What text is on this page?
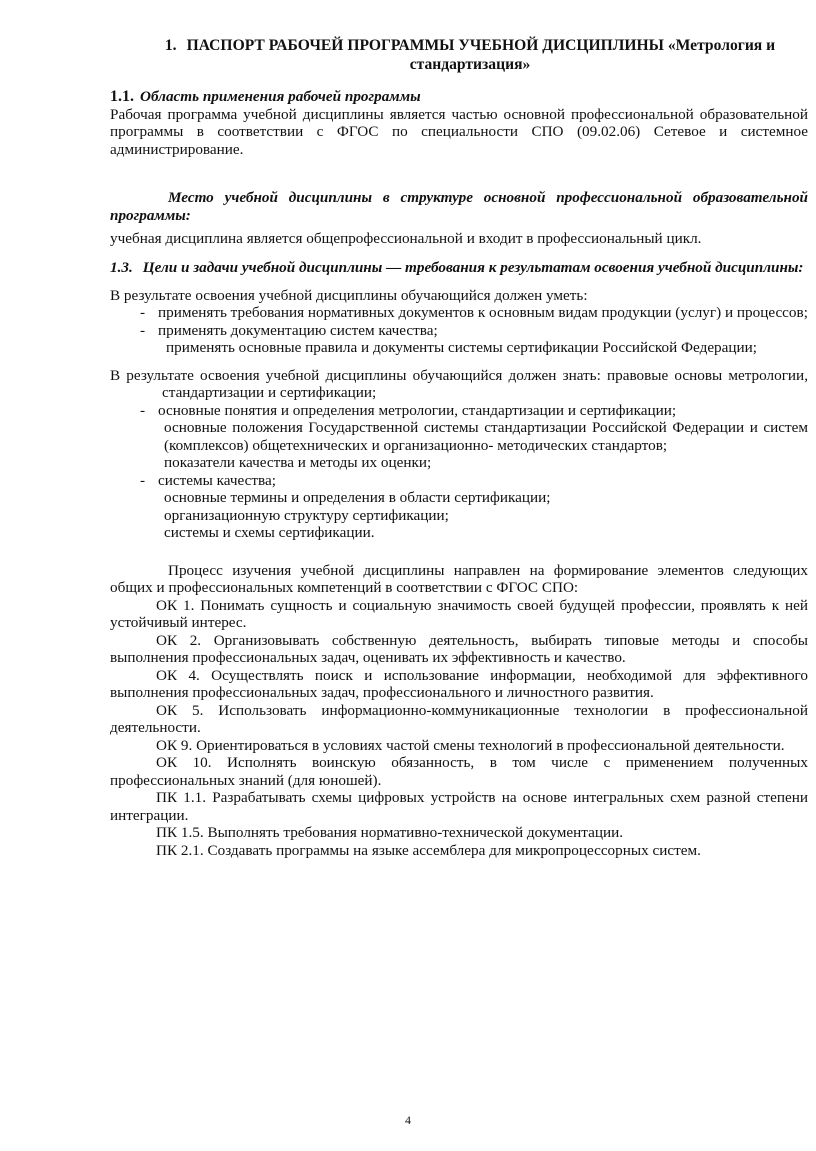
1. ПАСПОРТ РАБОЧЕЙ ПРОГРАММЫ УЧЕБНОЙ ДИСЦИПЛИНЫ «Метрология и
стандартизация»

1.1. Область применения рабочей программы

Рабочая программа учебной дисциплины является частью основной профессиональной образовательной программы в соответствии с ФГОС по специальности СПО (09.02.06) Сетевое и системное администрирование.

Место учебной дисциплины в структуре основной профессиональной образовательной программы:

учебная дисциплина является общепрофессиональной и входит в профессиональный цикл.

1.3. Цели и задачи учебной дисциплины — требования к результатам освоения учебной дисциплины:

В результате освоения учебной дисциплины обучающийся должен уметь:

- применять требования нормативных документов к основным видам продукции (услуг) и процессов;
- применять документацию систем качества;
применять основные правила и документы системы сертификации Российской Федерации;

В результате освоения учебной дисциплины обучающийся должен знать: правовые основы метрологии, стандартизации и сертификации;

- основные понятия и определения метрологии, стандартизации и сертификации;
основные положения Государственной системы стандартизации Российской Федерации и систем (комплексов) общетехнических и организационно- методических стандартов;
показатели качества и методы их оценки;
- системы качества;
основные термины и определения в области сертификации;
организационную структуру сертификации;
системы и схемы сертификации.

Процесс изучения учебной дисциплины направлен на формирование элементов следующих общих и профессиональных компетенций в соответствии с ФГОС СПО:

ОК 1. Понимать сущность и социальную значимость своей будущей профессии, проявлять к ней устойчивый интерес.

ОК 2. Организовывать собственную деятельность, выбирать типовые методы и способы выполнения профессиональных задач, оценивать их эффективность и качество.

ОК 4. Осуществлять поиск и использование информации, необходимой для эффективного выполнения профессиональных задач, профессионального и личностного развития.

ОК 5. Использовать информационно-коммуникационные технологии в профессиональной деятельности.

ОК 9. Ориентироваться в условиях частой смены технологий в профессиональной деятельности.

ОК 10. Исполнять воинскую обязанность, в том числе с применением полученных профессиональных знаний (для юношей).

ПК 1.1. Разрабатывать схемы цифровых устройств на основе интегральных схем разной степени интеграции.

ПК 1.5. Выполнять требования нормативно-технической документации.

ПК 2.1. Создавать программы на языке ассемблера для микропроцессорных систем.

4
